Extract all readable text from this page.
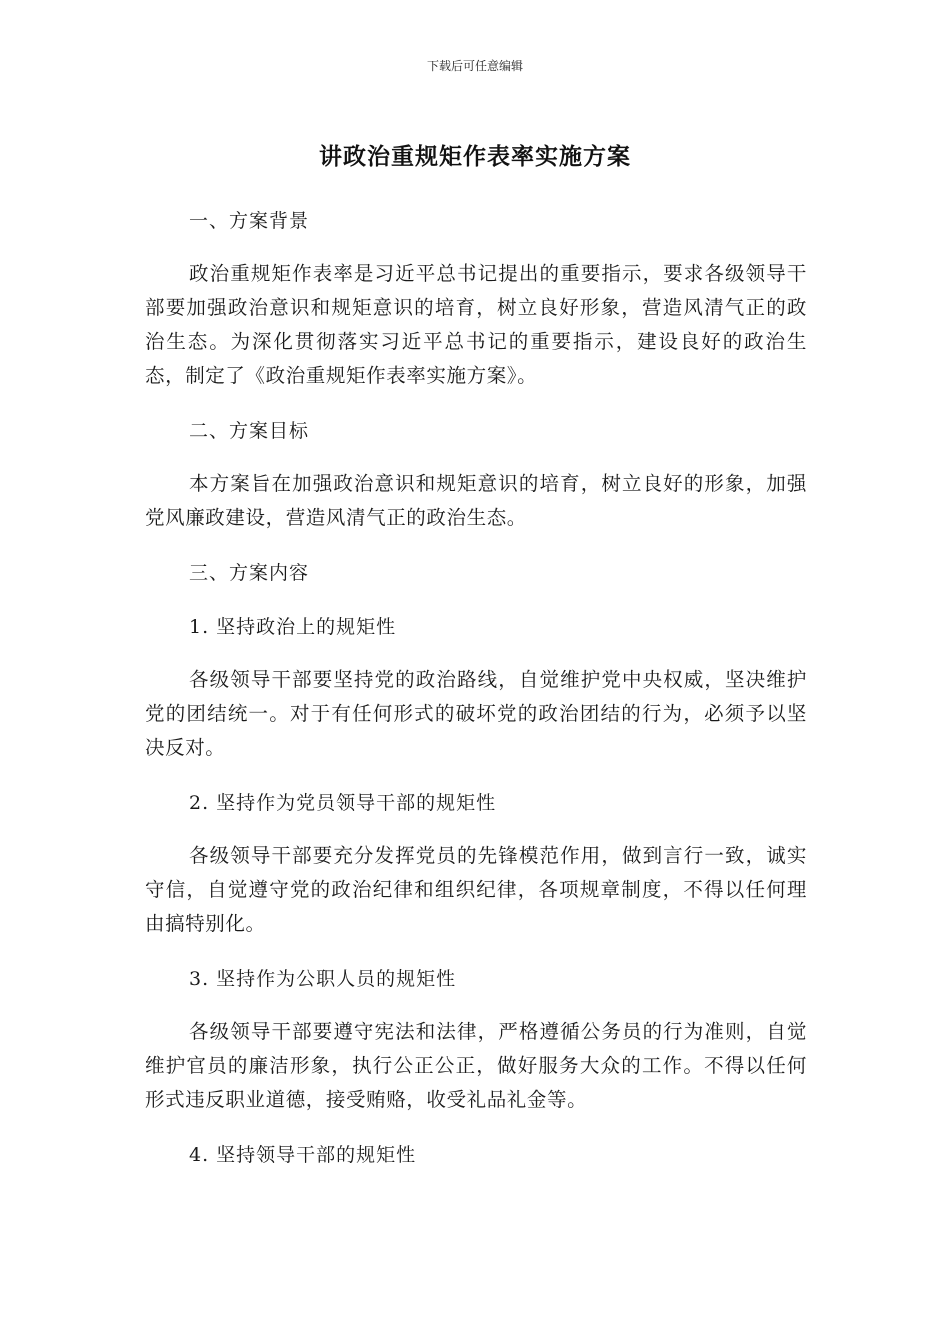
下载后可任意编辑
讲政治重规矩作表率实施方案

一、方案背景

政治重规矩作表率是习近平总书记提出的重要指示，要求各级领导干部要加强政治意识和规矩意识的培育，树立良好形象，营造风清气正的政治生态。为深化贯彻落实习近平总书记的重要指示，建设良好的政治生态，制定了《政治重规矩作表率实施方案》。

二、方案目标

本方案旨在加强政治意识和规矩意识的培育，树立良好的形象，加强党风廉政建设，营造风清气正的政治生态。

三、方案内容

1. 坚持政治上的规矩性

各级领导干部要坚持党的政治路线，自觉维护党中央权威，坚决维护党的团结统一。对于有任何形式的破坏党的政治团结的行为，必须予以坚决反对。

2. 坚持作为党员领导干部的规矩性

各级领导干部要充分发挥党员的先锋模范作用，做到言行一致，诚实守信，自觉遵守党的政治纪律和组织纪律，各项规章制度，不得以任何理由搞特别化。

3. 坚持作为公职人员的规矩性

各级领导干部要遵守宪法和法律，严格遵循公务员的行为准则，自觉维护官员的廉洁形象，执行公正公正，做好服务大众的工作。不得以任何形式违反职业道德，接受贿赂，收受礼品礼金等。

4. 坚持领导干部的规矩性
